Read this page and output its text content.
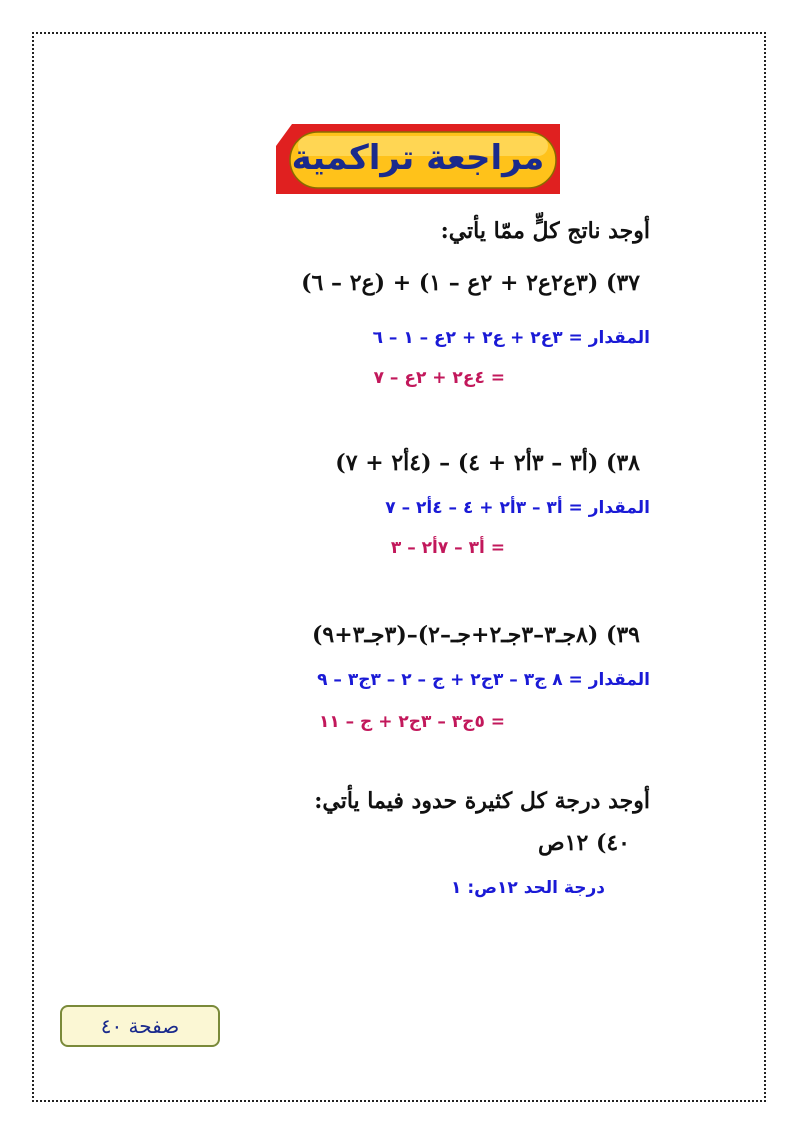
مراجعة تراكمية
أوجد ناتج كلٍّ ممّا يأتي:
٣٧) (٣ع٢ع٢ + ٢ع – ١) + (ع٢ – ٦)
المقدار = ٣ع٢ + ع٢ + ٢ع – ١ – ٦
= ٤ع٢ + ٢ع – ٧
٣٨) (أ٣ – ٣أ٢ + ٤) – (٤أ٢ + ٧)
المقدار = أ٣ – ٣أ٢ + ٤ – ٤أ٢ – ٧
= أ٣ – ٧أ٢ – ٣
٣٩) (٨جـ٣–٣جـ٢+جـ–٢)–(٣جـ٣+٩)
المقدار = ٨ ج٣ – ٣ج٢ + ج – ٢ – ٣ج٣ – ٩
= ٥ج٣ – ٣ج٢ + ج – ١١
أوجد درجة كل كثيرة حدود فيما يأتي:
٤٠) ١٢ص
درجة الحد ١٢ص: ١
صفحة ٤٠
